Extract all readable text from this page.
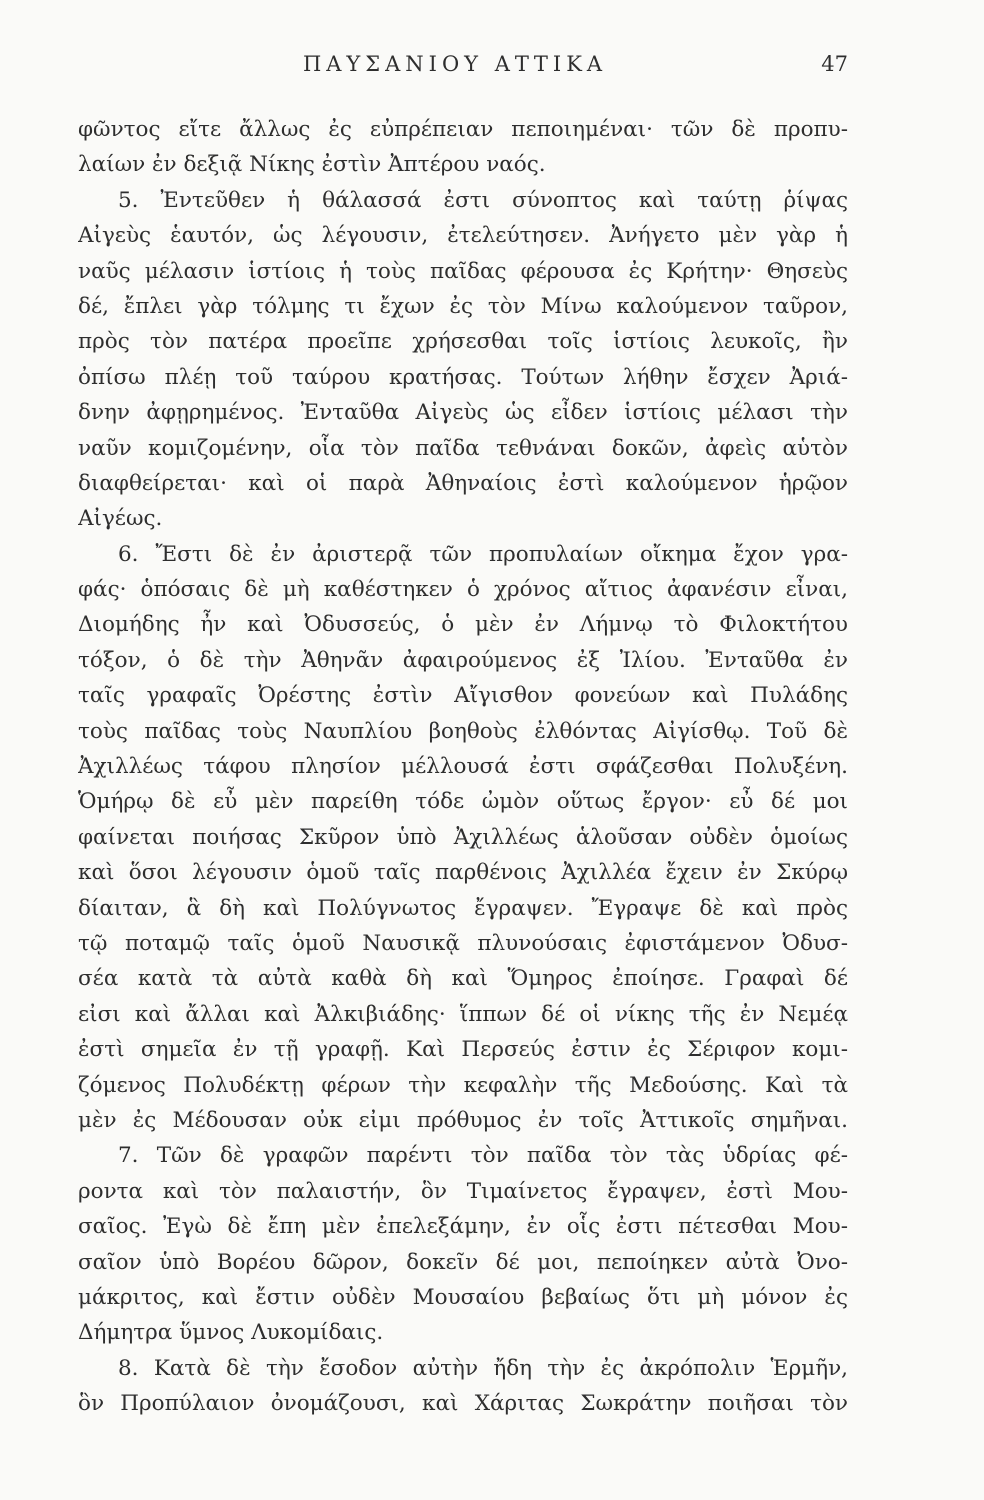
ΠΑΥΣΑΝΙΟΥ ΑΤΤΙΚΑ	47
φῶντος εἴτε ἄλλως ἐς εὐπρέπειαν πεποιημέναι· τῶν δὲ προπυ-
λαίων ἐν δεξιᾷ Νίκης ἐστὶν Ἀπτέρου ναός.
5. Ἐντεῦθεν ἡ θάλασσά ἐστι σύνοπτος καὶ ταύτῃ ῥίψας
Αἰγεὺς ἑαυτόν, ὡς λέγουσιν, ἐτελεύτησεν. Ἀνήγετο μὲν γὰρ ἡ
ναῦς μέλασιν ἱστίοις ἡ τοὺς παῖδας φέρουσα ἐς Κρήτην· Θησεὺς
δέ, ἔπλει γὰρ τόλμης τι ἔχων ἐς τὸν Μίνω καλούμενον ταῦρον,
πρὸς τὸν πατέρα προεῖπε χρήσεσθαι τοῖς ἱστίοις λευκοῖς, ἢν
ὀπίσω πλέῃ τοῦ ταύρου κρατήσας. Τούτων λήθην ἔσχεν Ἀριά-
δνην ἀφῃρημένος. Ἐνταῦθα Αἰγεὺς ὡς εἶδεν ἱστίοις μέλασι τὴν
ναῦν κομιζομένην, οἷα τὸν παῖδα τεθνάναι δοκῶν, ἀφεὶς αὑτὸν
διαφθείρεται· καὶ οἱ παρὰ Ἀθηναίοις ἐστὶ καλούμενον ἡρῷον
Αἰγέως.
6. Ἔστι δὲ ἐν ἀριστερᾷ τῶν προπυλαίων οἴκημα ἔχον γρα-
φάς· ὁπόσαις δὲ μὴ καθέστηκεν ὁ χρόνος αἴτιος ἀφανέσιν εἶναι,
Διομήδης ἦν καὶ Ὀδυσσεύς, ὁ μὲν ἐν Λήμνῳ τὸ Φιλοκτήτου
τόξον, ὁ δὲ τὴν Ἀθηνᾶν ἀφαιρούμενος ἐξ Ἰλίου. Ἐνταῦθα ἐν
ταῖς γραφαῖς Ὀρέστης ἐστὶν Αἴγισθον φονεύων καὶ Πυλάδης
τοὺς παῖδας τοὺς Ναυπλίου βοηθοὺς ἐλθόντας Αἰγίσθῳ. Τοῦ δὲ
Ἀχιλλέως τάφου πλησίον μέλλουσά ἐστι σφάζεσθαι Πολυξένη.
Ὁμήρῳ δὲ εὖ μὲν παρείθη τόδε ὠμὸν οὕτως ἔργον· εὖ δέ μοι
φαίνεται ποιήσας Σκῦρον ὑπὸ Ἀχιλλέως ἁλοῦσαν οὐδὲν ὁμοίως
καὶ ὅσοι λέγουσιν ὁμοῦ ταῖς παρθένοις Ἀχιλλέα ἔχειν ἐν Σκύρῳ
δίαιταν, ἃ δὴ καὶ Πολύγνωτος ἔγραψεν. Ἔγραψε δὲ καὶ πρὸς
τῷ ποταμῷ ταῖς ὁμοῦ Ναυσικᾷ πλυνούσαις ἐφιστάμενον Ὀδυσ-
σέα κατὰ τὰ αὐτὰ καθὰ δὴ καὶ Ὅμηρος ἐποίησε. Γραφαὶ δέ
εἰσι καὶ ἄλλαι καὶ Ἀλκιβιάδης· ἵππων δέ οἱ νίκης τῆς ἐν Νεμέᾳ
ἐστὶ σημεῖα ἐν τῇ γραφῇ. Καὶ Περσεύς ἐστιν ἐς Σέριφον κομι-
ζόμενος Πολυδέκτῃ φέρων τὴν κεφαλὴν τῆς Μεδούσης. Καὶ τὰ
μὲν ἐς Μέδουσαν οὐκ εἰμι πρόθυμος ἐν τοῖς Ἀττικοῖς σημῆναι.
7. Τῶν δὲ γραφῶν παρέντι τὸν παῖδα τὸν τὰς ὑδρίας φέ-
ροντα καὶ τὸν παλαιστήν, ὃν Τιμαίνετος ἔγραψεν, ἐστὶ Μου-
σαῖος. Ἐγὼ δὲ ἔπη μὲν ἐπελεξάμην, ἐν οἷς ἐστι πέτεσθαι Μου-
σαῖον ὑπὸ Βορέου δῶρον, δοκεῖν δέ μοι, πεποίηκεν αὐτὰ Ὀνο-
μάκριτος, καὶ ἔστιν οὐδὲν Μουσαίου βεβαίως ὅτι μὴ μόνον ἐς
Δήμητρα ὕμνος Λυκομίδαις.
8. Κατὰ δὲ τὴν ἔσοδον αὐτὴν ἤδη τὴν ἐς ἀκρόπολιν Ἑρμῆν,
ὃν Προπύλαιον ὀνομάζουσι, καὶ Χάριτας Σωκράτην ποιῆσαι τὸν
